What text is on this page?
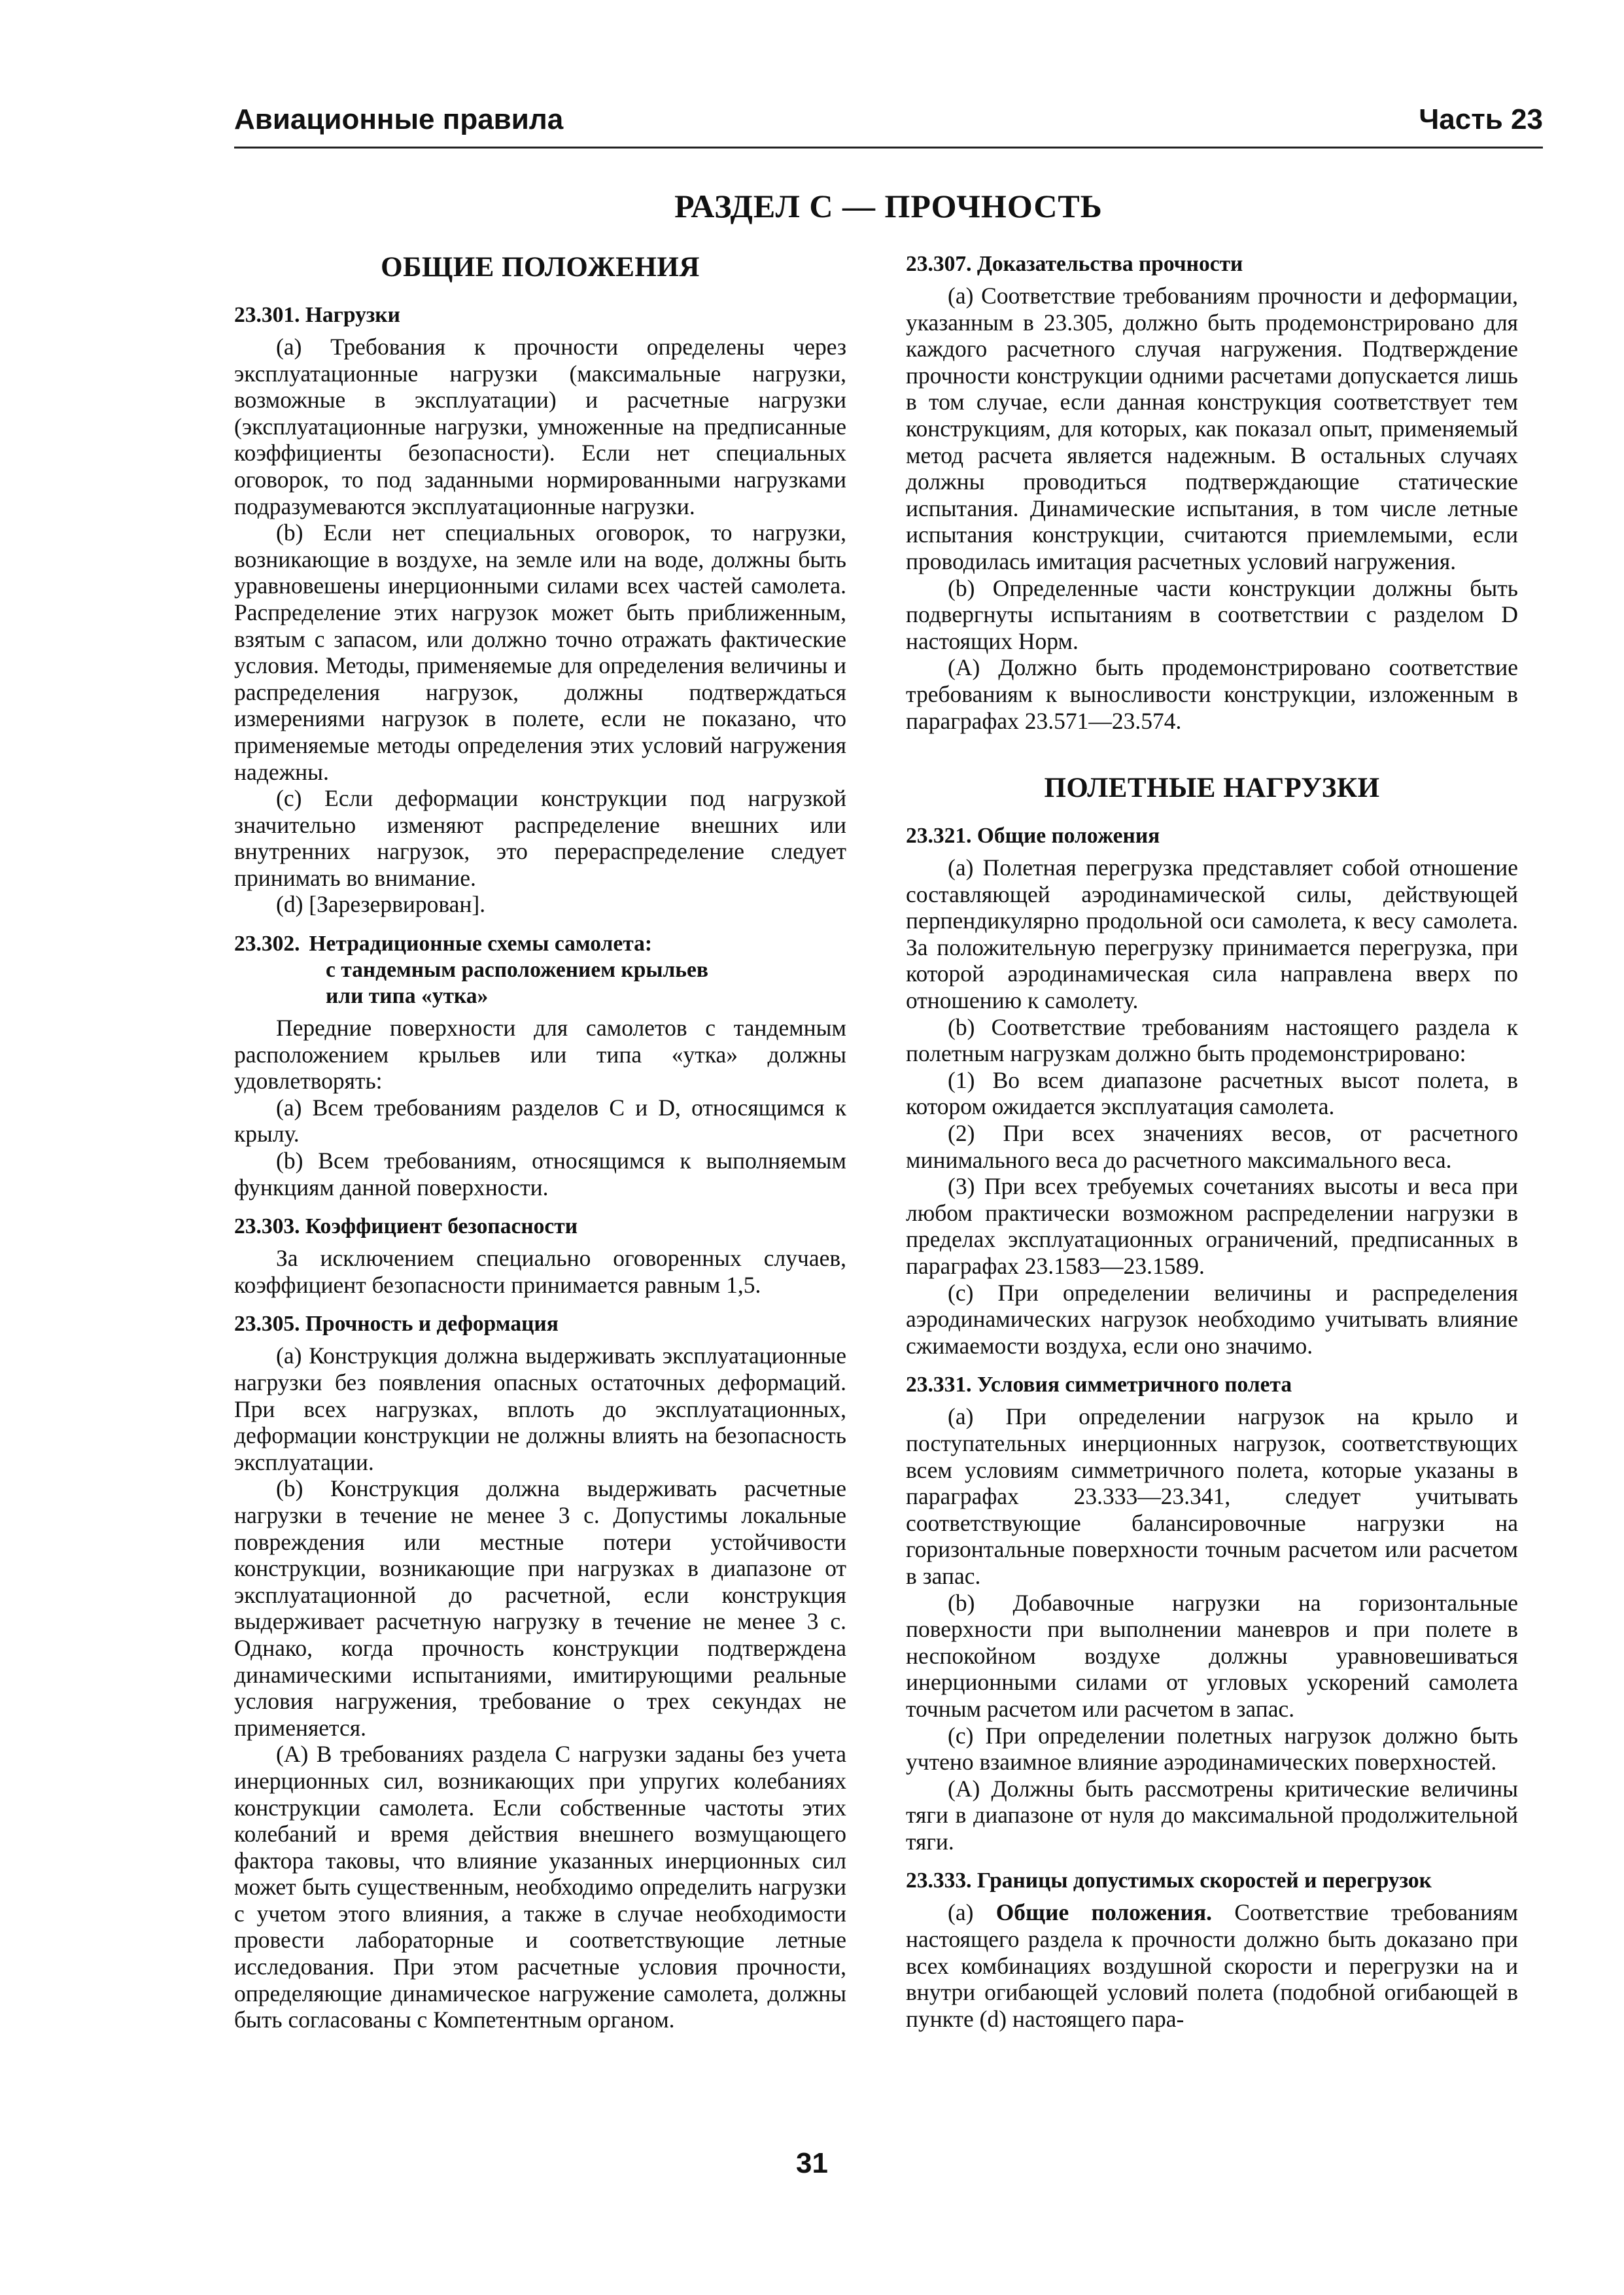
Авиационные правила	Часть 23
РАЗДЕЛ С — ПРОЧНОСТЬ
ОБЩИЕ ПОЛОЖЕНИЯ
23.301. Нагрузки

(а) Требования к прочности определены через эксплуатационные нагрузки (максимальные нагрузки, возможные в эксплуатации) и расчетные нагрузки (эксплуатационные нагрузки, умноженные на предписанные коэффициенты безопасности). Если нет специальных оговорок, то под заданными нормированными нагрузками подразумеваются эксплуатационные нагрузки.

(b) Если нет специальных оговорок, то нагрузки, возникающие в воздухе, на земле или на воде, должны быть уравновешены инерционными силами всех частей самолета. Распределение этих нагрузок может быть приближенным, взятым с запасом, или должно точно отражать фактические условия. Методы, применяемые для определения величины и распределения нагрузок, должны подтверждаться измерениями нагрузок в полете, если не показано, что применяемые методы определения этих условий нагружения надежны.

(с) Если деформации конструкции под нагрузкой значительно изменяют распределение внешних или внутренних нагрузок, это перераспределение следует принимать во внимание.

(d) [Зарезервирован].

23.302. Нетрадиционные схемы самолета:
с тандемным расположением крыльев
или типа «утка»

Передние поверхности для самолетов с тандемным расположением крыльев или типа «утка» должны удовлетворять:

(а) Всем требованиям разделов С и D, относящимся к крылу.

(b) Всем требованиям, относящимся к выполняемым функциям данной поверхности.

23.303. Коэффициент безопасности

За исключением специально оговоренных случаев, коэффициент безопасности принимается равным 1,5.

23.305. Прочность и деформация

(а) Конструкция должна выдерживать эксплуатационные нагрузки без появления опасных остаточных деформаций. При всех нагрузках, вплоть до эксплуатационных, деформации конструкции не должны влиять на безопасность эксплуатации.

(b) Конструкция должна выдерживать расчетные нагрузки в течение не менее 3 с. Допустимы локальные повреждения или местные потери устойчивости конструкции, возникающие при нагрузках в диапазоне от эксплуатационной до расчетной, если конструкция выдерживает расчетную нагрузку в течение не менее 3 с. Однако, когда прочность конструкции подтверждена динамическими испытаниями, имитирующими реальные условия нагружения, требование о трех секундах не применяется.

(А) В требованиях раздела С нагрузки заданы без учета инерционных сил, возникающих при упругих колебаниях конструкции самолета. Если собственные частоты этих колебаний и время действия внешнего возмущающего фактора таковы, что влияние указанных инерционных сил может быть существенным, необходимо определить нагрузки с учетом этого влияния, а также в случае необходимости провести лабораторные и соответствующие летные исследования. При этом расчетные условия прочности, определяющие динамическое нагружение самолета, должны быть согласованы с Компетентным органом.

23.307. Доказательства прочности

(а) Соответствие требованиям прочности и деформации, указанным в 23.305, должно быть продемонстрировано для каждого расчетного случая нагружения. Подтверждение прочности конструкции одними расчетами допускается лишь в том случае, если данная конструкция соответствует тем конструкциям, для которых, как показал опыт, применяемый метод расчета является надежным. В остальных случаях должны проводиться подтверждающие статические испытания. Динамические испытания, в том числе летные испытания конструкции, считаются приемлемыми, если проводилась имитация расчетных условий нагружения.

(b) Определенные части конструкции должны быть подвергнуты испытаниям в соответствии с разделом D настоящих Норм.

(А) Должно быть продемонстрировано соответствие требованиям к выносливости конструкции, изложенным в параграфах 23.571—23.574.

ПОЛЕТНЫЕ НАГРУЗКИ
23.321. Общие положения

(а) Полетная перегрузка представляет собой отношение составляющей аэродинамической силы, действующей перпендикулярно продольной оси самолета, к весу самолета. За положительную перегрузку принимается перегрузка, при которой аэродинамическая сила направлена вверх по отношению к самолету.

(b) Соответствие требованиям настоящего раздела к полетным нагрузкам должно быть продемонстрировано:

(1) Во всем диапазоне расчетных высот полета, в котором ожидается эксплуатация самолета.

(2) При всех значениях весов, от расчетного минимального веса до расчетного максимального веса.

(3) При всех требуемых сочетаниях высоты и веса при любом практически возможном распределении нагрузки в пределах эксплуатационных ограничений, предписанных в параграфах 23.1583—23.1589.

(с) При определении величины и распределения аэродинамических нагрузок необходимо учитывать влияние сжимаемости воздуха, если оно значимо.

23.331. Условия симметричного полета

(а) При определении нагрузок на крыло и поступательных инерционных нагрузок, соответствующих всем условиям симметричного полета, которые указаны в параграфах 23.333—23.341, следует учитывать соответствующие балансировочные нагрузки на горизонтальные поверхности точным расчетом или расчетом в запас.

(b) Добавочные нагрузки на горизонтальные поверхности при выполнении маневров и при полете в неспокойном воздухе должны уравновешиваться инерционными силами от угловых ускорений самолета точным расчетом или расчетом в запас.

(с) При определении полетных нагрузок должно быть учтено взаимное влияние аэродинамических поверхностей.

(А) Должны быть рассмотрены критические величины тяги в диапазоне от нуля до максимальной продолжительной тяги.

23.333. Границы допустимых скоростей и перегрузок

(а) Общие положения. Соответствие требованиям настоящего раздела к прочности должно быть доказано при всех комбинациях воздушной скорости и перегрузки на и внутри огибающей условий полета (подобной огибающей в пункте (d) настоящего пара-

31
